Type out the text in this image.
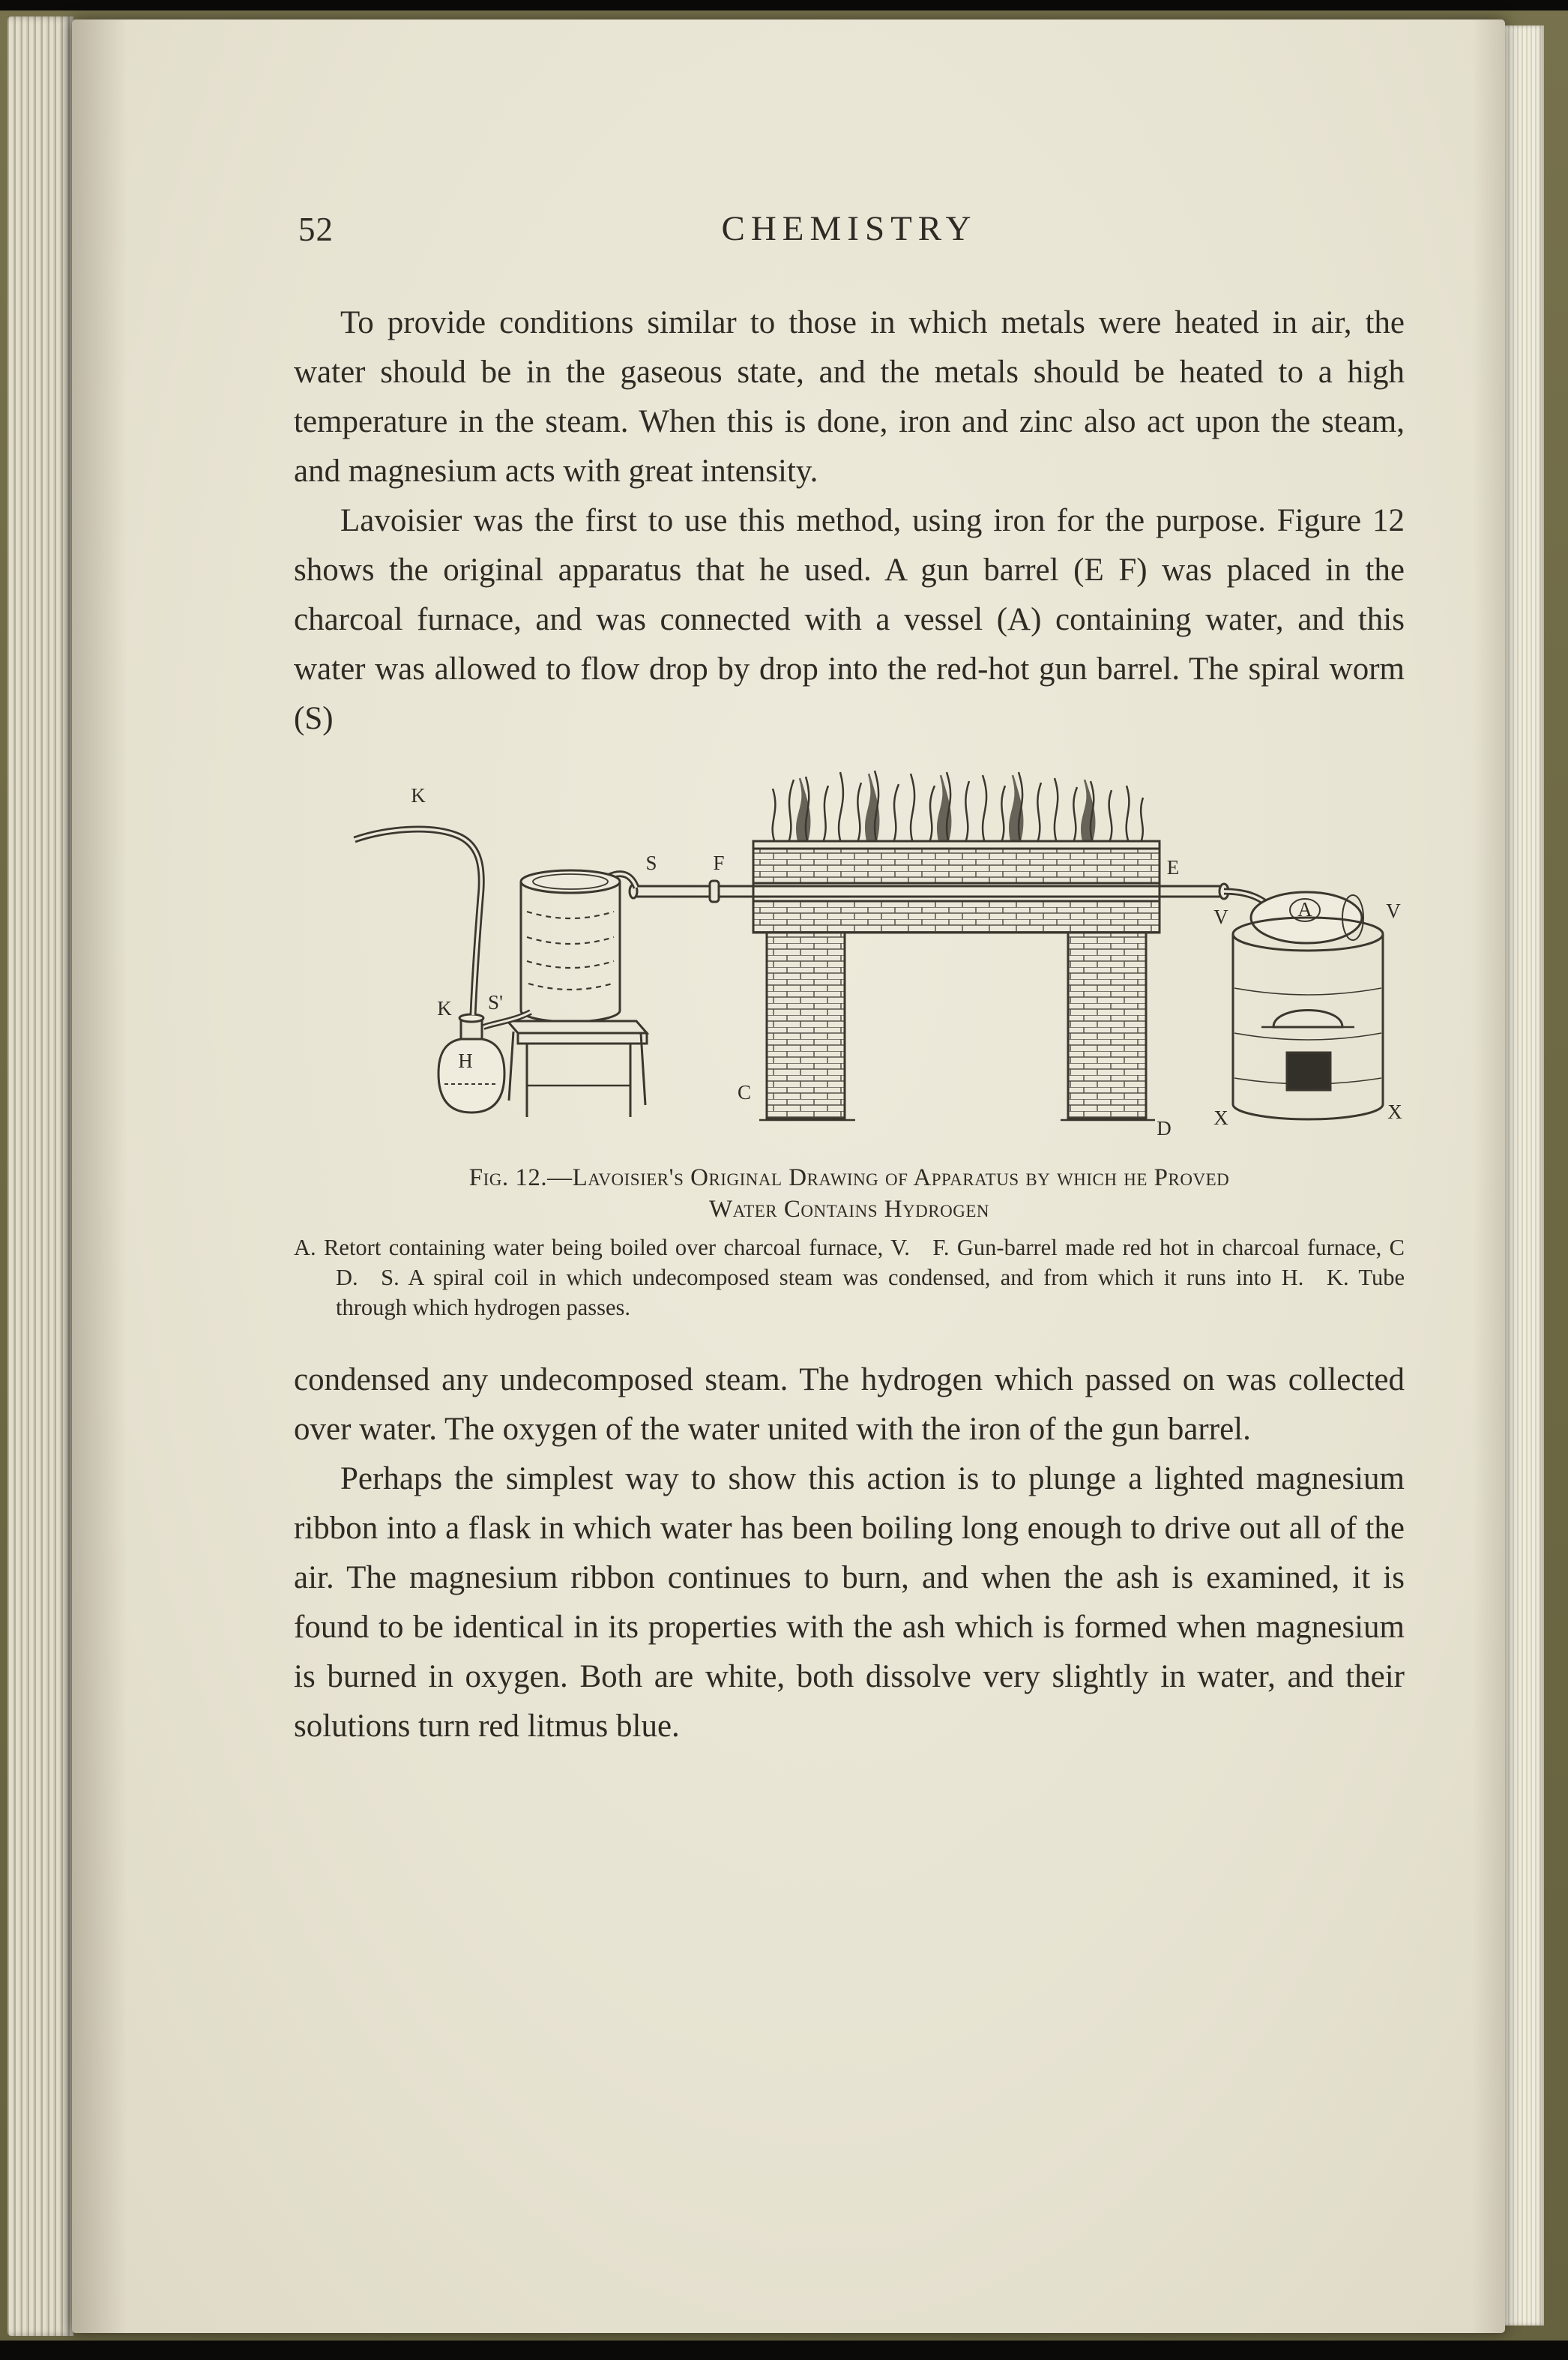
52	CHEMISTRY

To provide conditions similar to those in which metals were heated in air, the water should be in the gaseous state, and the metals should be heated to a high temperature in the steam. When this is done, iron and zinc also act upon the steam, and magnesium acts with great intensity.

Lavoisier was the first to use this method, using iron for the purpose. Figure 12 shows the original apparatus that he used. A gun barrel (E F) was placed in the charcoal furnace, and was connected with a vessel (A) containing water, and this water was allowed to flow drop by drop into the red-hot gun barrel. The spiral worm (S)

K
K S'
H
S	F	E
A
V	V
C
D X	X
Fig. 12.—Lavoisier's Original Drawing of Apparatus by which he Proved
Water Contains Hydrogen
A. Retort containing water being boiled over charcoal furnace, V. F. Gun-barrel made red hot in charcoal furnace, C D. S. A spiral coil in which undecomposed steam was condensed, and from which it runs into H. K. Tube through which hydrogen passes.

condensed any undecomposed steam. The hydrogen which passed on was collected over water. The oxygen of the water united with the iron of the gun barrel.

Perhaps the simplest way to show this action is to plunge a lighted magnesium ribbon into a flask in which water has been boiling long enough to drive out all of the air. The magnesium ribbon continues to burn, and when the ash is examined, it is found to be identical in its properties with the ash which is formed when magnesium is burned in oxygen. Both are white, both dissolve very slightly in water, and their solutions turn red litmus blue.
